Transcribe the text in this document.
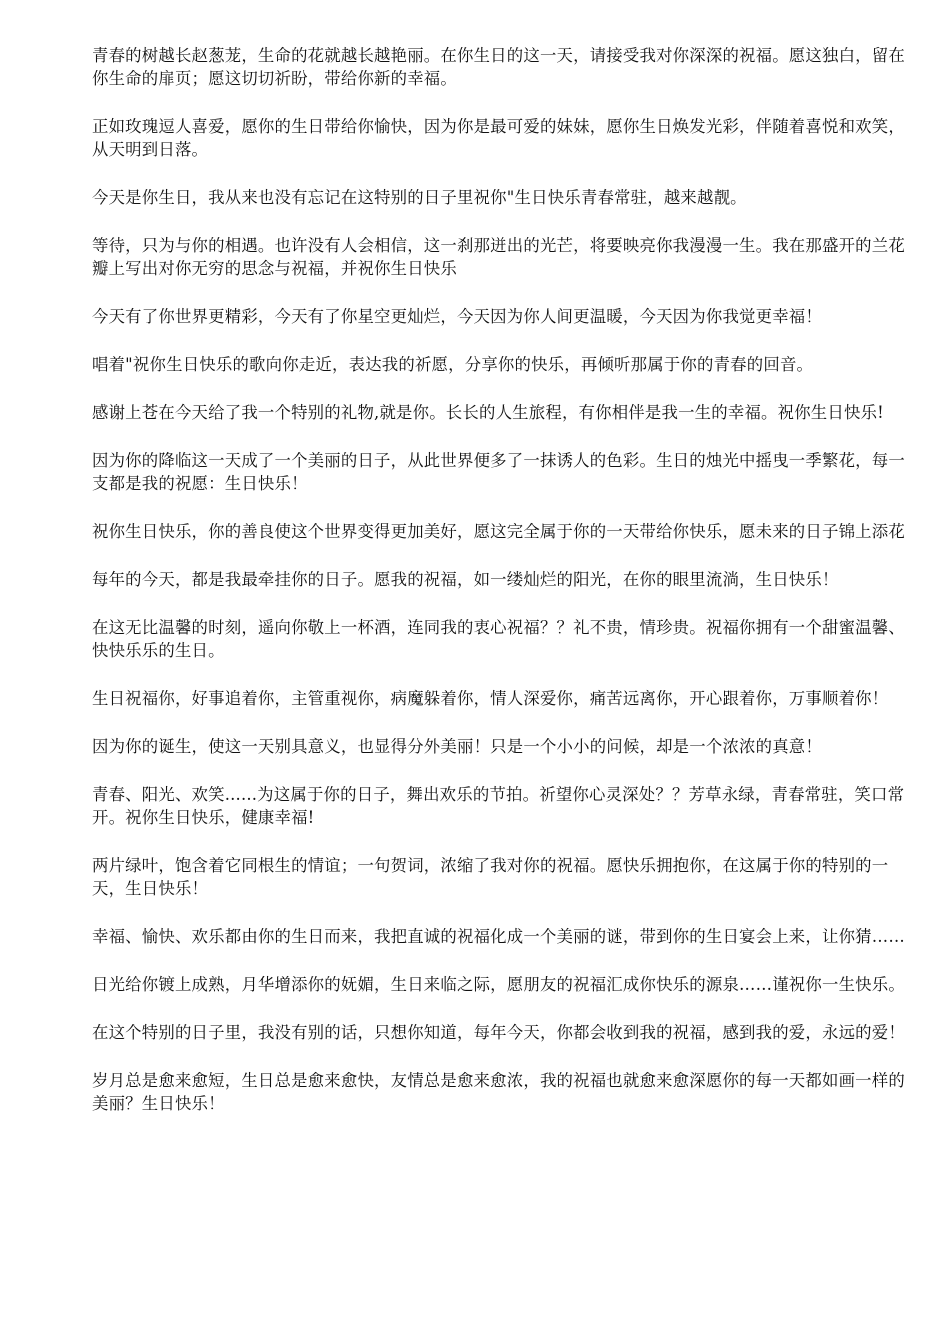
青春的树越长赵葱茏，生命的花就越长越艳丽。在你生日的这一天，请接受我对你深深的祝福。愿这独白，留在你生命的扉页；愿这切切祈盼，带给你新的幸福。

正如玫瑰逗人喜爱，愿你的生日带给你愉快，因为你是最可爱的妹妹，愿你生日焕发光彩，伴随着喜悦和欢笑，从天明到日落。

今天是你生日，我从来也没有忘记在这特别的日子里祝你"生日快乐青春常驻，越来越靓。

等待，只为与你的相遇。也许没有人会相信，这一刹那迸出的光芒，将要映亮你我漫漫一生。我在那盛开的兰花瓣上写出对你无穷的思念与祝福，并祝你生日快乐

今天有了你世界更精彩，今天有了你星空更灿烂，今天因为你人间更温暖，今天因为你我觉更幸福！

唱着"祝你生日快乐的歌向你走近，表达我的祈愿，分享你的快乐，再倾听那属于你的青春的回音。

感谢上苍在今天给了我一个特别的礼物,就是你。长长的人生旅程，有你相伴是我一生的幸福。祝你生日快乐!

因为你的降临这一天成了一个美丽的日子，从此世界便多了一抹诱人的色彩。生日的烛光中摇曳一季繁花，每一支都是我的祝愿：生日快乐！

祝你生日快乐，你的善良使这个世界变得更加美好，愿这完全属于你的一天带给你快乐，愿未来的日子锦上添花

每年的今天，都是我最牵挂你的日子。愿我的祝福，如一缕灿烂的阳光，在你的眼里流淌，生日快乐！

在这无比温馨的时刻，遥向你敬上一杯酒，连同我的衷心祝福？？礼不贵，情珍贵。祝福你拥有一个甜蜜温馨、快快乐乐的生日。

生日祝福你，好事追着你，主管重视你，病魔躲着你，情人深爱你，痛苦远离你，开心跟着你，万事顺着你！

因为你的诞生，使这一天别具意义，也显得分外美丽！只是一个小小的问候，却是一个浓浓的真意！

青春、阳光、欢笑......为这属于你的日子，舞出欢乐的节拍。祈望你心灵深处？？芳草永绿，青春常驻，笑口常开。祝你生日快乐，健康幸福!

两片绿叶，饱含着它同根生的情谊；一句贺词，浓缩了我对你的祝福。愿快乐拥抱你，在这属于你的特别的一天，生日快乐！

幸福、愉快、欢乐都由你的生日而来，我把直诚的祝福化成一个美丽的谜，带到你的生日宴会上来，让你猜……

日光给你镀上成熟，月华增添你的妩媚，生日来临之际，愿朋友的祝福汇成你快乐的源泉……谨祝你一生快乐。

在这个特别的日子里，我没有别的话，只想你知道，每年今天，你都会收到我的祝福，感到我的爱，永远的爱！

岁月总是愈来愈短，生日总是愈来愈快，友情总是愈来愈浓，我的祝福也就愈来愈深愿你的每一天都如画一样的美丽？生日快乐！
